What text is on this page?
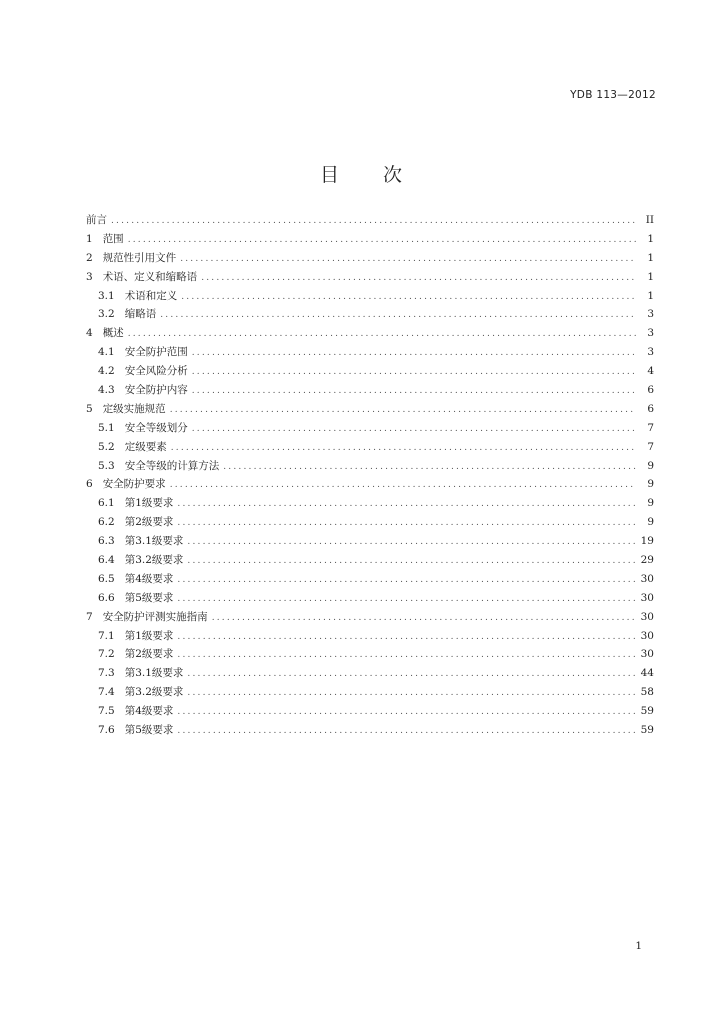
YDB 113—2012
目 次
前言 .....	II
1 范围 .....	1
2 规范性引用文件 .....	1
3 术语、定义和缩略语 .....	1
3.1 术语和定义 .....	1
3.2 缩略语 .....	3
4 概述 .....	3
4.1 安全防护范围 .....	3
4.2 安全风险分析 .....	4
4.3 安全防护内容 .....	6
5 定级实施规范 .....	6
5.1 安全等级划分 .....	7
5.2 定级要素 .....	7
5.3 安全等级的计算方法 .....	9
6 安全防护要求 .....	9
6.1 第1级要求 .....	9
6.2 第2级要求 .....	9
6.3 第3.1级要求 .....	19
6.4 第3.2级要求 .....	29
6.5 第4级要求 .....	30
6.6 第5级要求 .....	30
7 安全防护评测实施指南 .....	30
7.1 第1级要求 .....	30
7.2 第2级要求 .....	30
7.3 第3.1级要求 .....	44
7.4 第3.2级要求 .....	58
7.5 第4级要求 .....	59
7.6 第5级要求 .....	59
1
